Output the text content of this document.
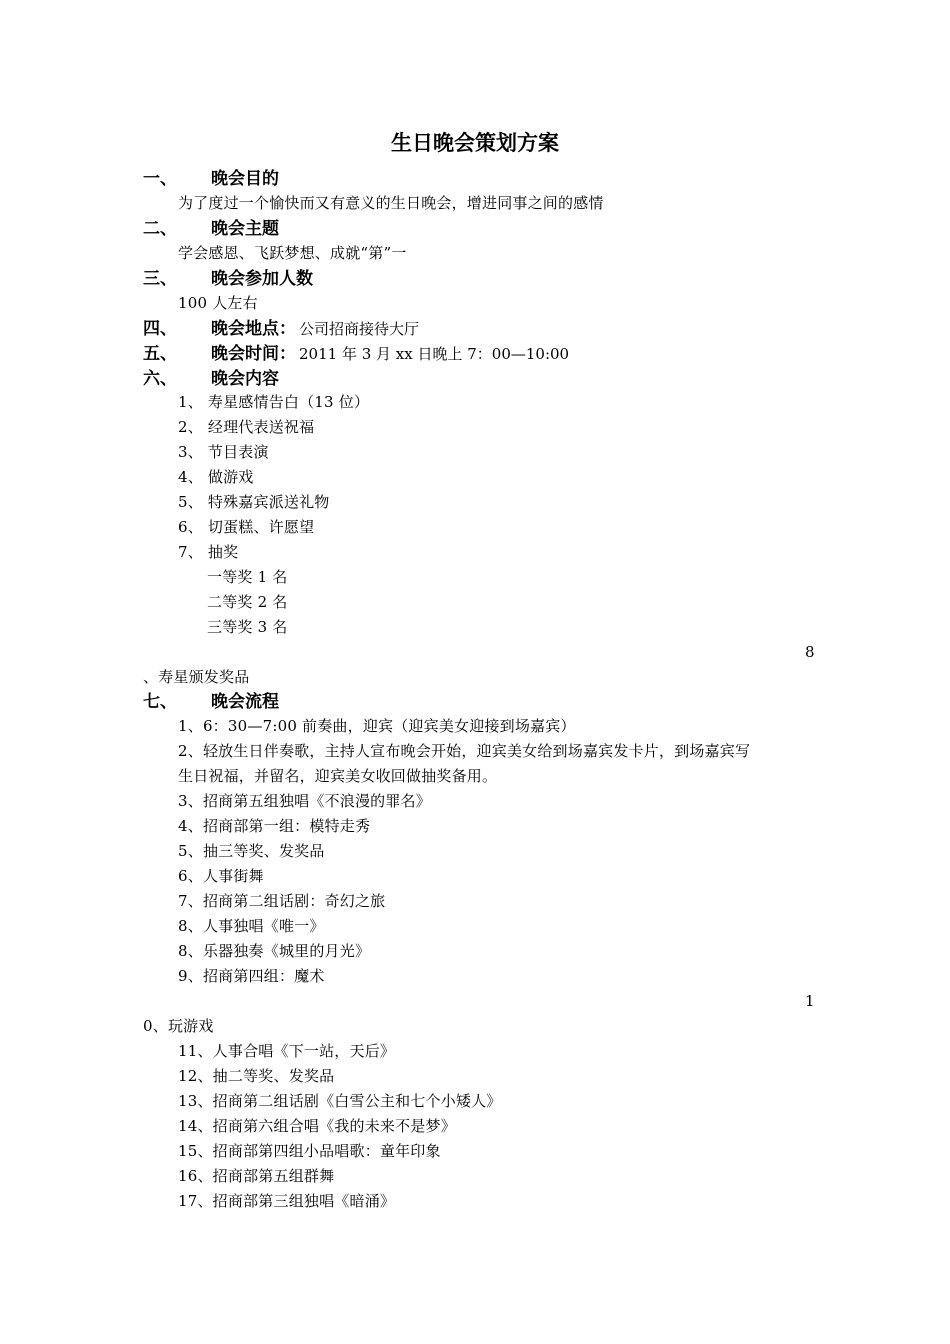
生日晚会策划方案
一、 晚会目的
为了度过一个愉快而又有意义的生日晚会，增进同事之间的感情
二、 晚会主题
学会感恩、飞跃梦想、成就“第”一
三、 晚会参加人数
100 人左右
四、 晚会地点： 公司招商接待大厅
五、 晚会时间： 2011 年 3 月 xx 日晚上 7：00—10:00
六、 晚会内容
1、 寿星感情告白（13 位）
2、 经理代表送祝福
3、 节目表演
4、 做游戏
5、 特殊嘉宾派送礼物
6、 切蛋糕、许愿望
7、 抽奖
一等奖 1 名
二等奖 2 名
三等奖 3 名
8
、寿星颁发奖品
七、 晚会流程
1、6：30—7:00 前奏曲，迎宾（迎宾美女迎接到场嘉宾）
2、轻放生日伴奏歌，主持人宣布晚会开始，迎宾美女给到场嘉宾发卡片，到场嘉宾写
生日祝福，并留名，迎宾美女收回做抽奖备用。
3、招商第五组独唱《不浪漫的罪名》
4、招商部第一组：模特走秀
5、抽三等奖、发奖品
6、人事街舞
7、招商第二组话剧：奇幻之旅
8、人事独唱《唯一》
8、乐器独奏《城里的月光》
9、招商第四组：魔术
1
0、玩游戏
11、人事合唱《下一站，天后》
12、抽二等奖、发奖品
13、招商第二组话剧《白雪公主和七个小矮人》
14、招商第六组合唱《我的未来不是梦》
15、招商部第四组小品唱歌：童年印象
16、招商部第五组群舞
17、招商部第三组独唱《暗涌》
